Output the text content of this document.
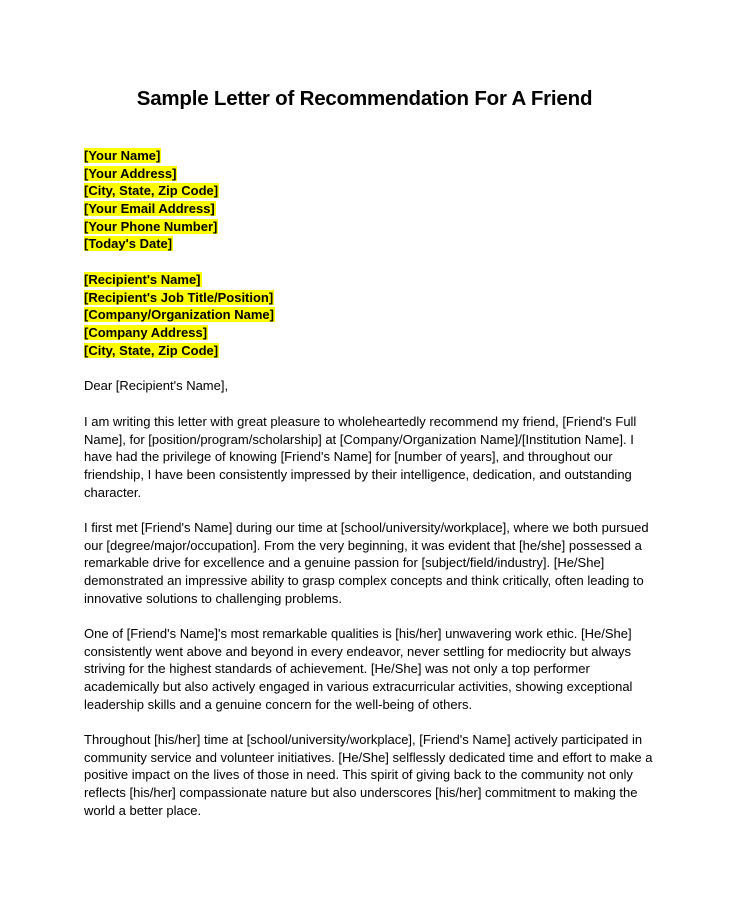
Sample Letter of Recommendation For A Friend
[Your Name]
[Your Address]
[City, State, Zip Code]
[Your Email Address]
[Your Phone Number]
[Today's Date]
[Recipient's Name]
[Recipient's Job Title/Position]
[Company/Organization Name]
[Company Address]
[City, State, Zip Code]
Dear [Recipient's Name],

I am writing this letter with great pleasure to wholeheartedly recommend my friend, [Friend's Full Name], for [position/program/scholarship] at [Company/Organization Name]/[Institution Name]. I have had the privilege of knowing [Friend's Name] for [number of years], and throughout our friendship, I have been consistently impressed by their intelligence, dedication, and outstanding character.

I first met [Friend's Name] during our time at [school/university/workplace], where we both pursued our [degree/major/occupation]. From the very beginning, it was evident that [he/she] possessed a remarkable drive for excellence and a genuine passion for [subject/field/industry]. [He/She] demonstrated an impressive ability to grasp complex concepts and think critically, often leading to innovative solutions to challenging problems.

One of [Friend's Name]'s most remarkable qualities is [his/her] unwavering work ethic. [He/She] consistently went above and beyond in every endeavor, never settling for mediocrity but always striving for the highest standards of achievement. [He/She] was not only a top performer academically but also actively engaged in various extracurricular activities, showing exceptional leadership skills and a genuine concern for the well-being of others.

Throughout [his/her] time at [school/university/workplace], [Friend's Name] actively participated in community service and volunteer initiatives. [He/She] selflessly dedicated time and effort to make a positive impact on the lives of those in need. This spirit of giving back to the community not only reflects [his/her] compassionate nature but also underscores [his/her] commitment to making the world a better place.
